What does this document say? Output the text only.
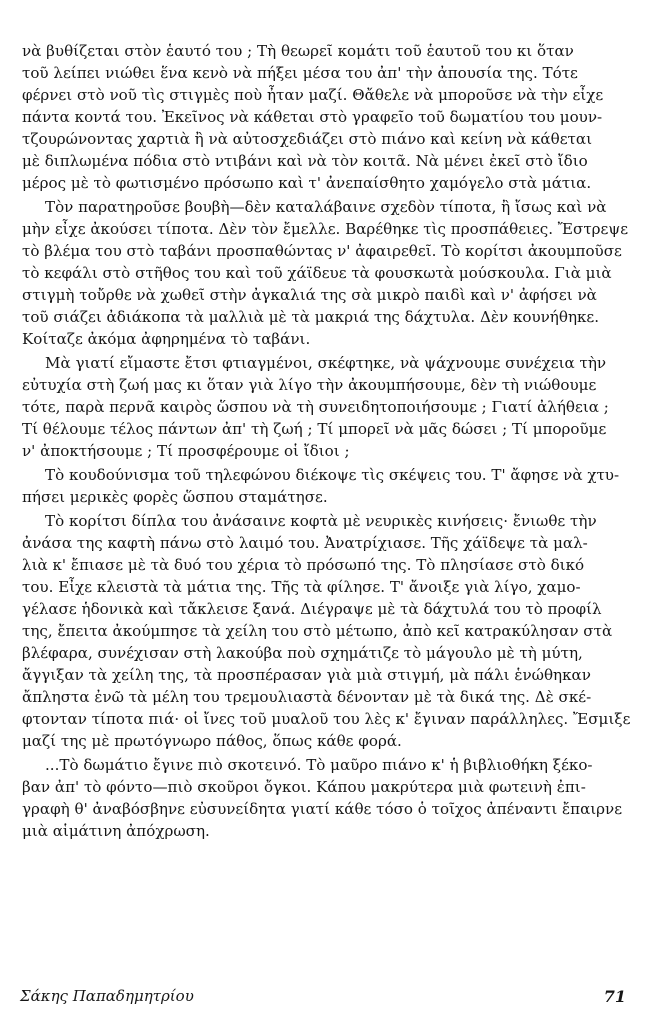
νὰ βυθίζεται στὸν ἑαυτό του ; Τὴ θεωρεῖ κομάτι τοῦ ἑαυτοῦ του κι ὅταν
τοῦ λείπει νιώθει ἕνα κενὸ νὰ πήξει μέσα του ἀπ' τὴν ἀπουσία της. Τότε
φέρνει στὸ νοῦ τὶς στιγμὲς ποὺ ἦταν μαζί. Θἄθελε νὰ μποροῦσε νὰ τὴν εἶχε
πάντα κοντά του. Ἐκεῖνος νὰ κάθεται στὸ γραφεῖο τοῦ δωματίου του μουν-
τζουρώνοντας χαρτιὰ ἢ νὰ αὐτοσχεδιάζει στὸ πιάνο καὶ κείνη νὰ κάθεται
μὲ διπλωμένα πόδια στὸ ντιβάνι καὶ νὰ τὸν κοιτᾶ. Νὰ μένει ἐκεῖ στὸ ἴδιο
μέρος μὲ τὸ φωτισμένο πρόσωπο καὶ τ' ἀνεπαίσθητο χαμόγελο στὰ μάτια.
Τὸν παρατηροῦσε βουβὴ—δὲν καταλάβαινε σχεδὸν τίποτα, ἢ ἴσως καὶ νὰ
μὴν εἶχε ἀκούσει τίποτα. Δὲν τὸν ἔμελλε. Βαρέθηκε τὶς προσπάθειες. Ἔστρεψε
τὸ βλέμα του στὸ ταβάνι προσπαθώντας ν' ἀφαιρεθεῖ. Τὸ κορίτσι ἀκουμποῦσε
τὸ κεφάλι στὸ στῆθος του καὶ τοῦ χάϊδευε τὰ φουσκωτὰ μούσκουλα. Γιὰ μιὰ
στιγμὴ τοὔρθε νὰ χωθεῖ στὴν ἀγκαλιά της σὰ μικρὸ παιδὶ καὶ ν' ἀφήσει νὰ
τοῦ σιάζει ἀδιάκοπα τὰ μαλλιὰ μὲ τὰ μακριά της δάχτυλα. Δὲν κουνήθηκε.
Κοίταζε ἀκόμα ἀφηρημένα τὸ ταβάνι.
Μὰ γιατί εἴμαστε ἔτσι φτιαγμένοι, σκέφτηκε, νὰ ψάχνουμε συνέχεια τὴν
εὐτυχία στὴ ζωή μας κι ὅταν γιὰ λίγο τὴν ἀκουμπήσουμε, δὲν τὴ νιώθουμε
τότε, παρὰ περνᾶ καιρὸς ὥσπου νὰ τὴ συνειδητοποιήσουμε ; Γιατί ἀλήθεια ;
Τί θέλουμε τέλος πάντων ἀπ' τὴ ζωή ; Τί μπορεῖ νὰ μᾶς δώσει ; Τί μποροῦμε
ν' ἀποκτήσουμε ; Τί προσφέρουμε οἱ ἴδιοι ;
Τὸ κουδούνισμα τοῦ τηλεφώνου διέκοψε τὶς σκέψεις του. Τ' ἄφησε νὰ χτυ-
πήσει μερικὲς φορὲς ὥσπου σταμάτησε.
Τὸ κορίτσι δίπλα του ἀνάσαινε κοφτὰ μὲ νευρικὲς κινήσεις· ἔνιωθε τὴν
ἀνάσα της καφτὴ πάνω στὸ λαιμό του. Ἀνατρίχιασε. Τῆς χάϊδεψε τὰ μαλ-
λιὰ κ' ἔπιασε μὲ τὰ δυό του χέρια τὸ πρόσωπό της. Τὸ πλησίασε στὸ δικό
του. Εἶχε κλειστὰ τὰ μάτια της. Τῆς τὰ φίλησε. Τ' ἄνοιξε γιὰ λίγο, χαμο-
γέλασε ἡδονικὰ καὶ τἄκλεισε ξανά. Διέγραψε μὲ τὰ δάχτυλά του τὸ προφίλ
της, ἔπειτα ἀκούμπησε τὰ χείλη του στὸ μέτωπο, ἀπὸ κεῖ κατρακύλησαν στὰ
βλέφαρα, συνέχισαν στὴ λακούβα ποὺ σχημάτιζε τὸ μάγουλο μὲ τὴ μύτη,
ἄγγιξαν τὰ χείλη της, τὰ προσπέρασαν γιὰ μιὰ στιγμή, μὰ πάλι ἑνώθηκαν
ἄπληστα ἐνῶ τὰ μέλη του τρεμουλιαστὰ δένονταν μὲ τὰ δικά της. Δὲ σκέ-
φτονταν τίποτα πιά· οἱ ἴνες τοῦ μυαλοῦ του λὲς κ' ἔγιναν παράλληλες. Ἔσμιξε
μαζί της μὲ πρωτόγνωρο πάθος, ὅπως κάθε φορά.
...Τὸ δωμάτιο ἔγινε πιὸ σκοτεινό. Τὸ μαῦρο πιάνο κ' ἡ βιβλιοθήκη ξέκο-
βαν ἀπ' τὸ φόντο—πιὸ σκοῦροι ὄγκοι. Κάπου μακρύτερα μιὰ φωτεινὴ ἐπι-
γραφὴ θ' ἀναβόσβηνε εὐσυνείδητα γιατί κάθε τόσο ὁ τοῖχος ἀπέναντι ἔπαιρνε
μιὰ αἱμάτινη ἀπόχρωση.
Σάκης Παπαδημητρίου	71
